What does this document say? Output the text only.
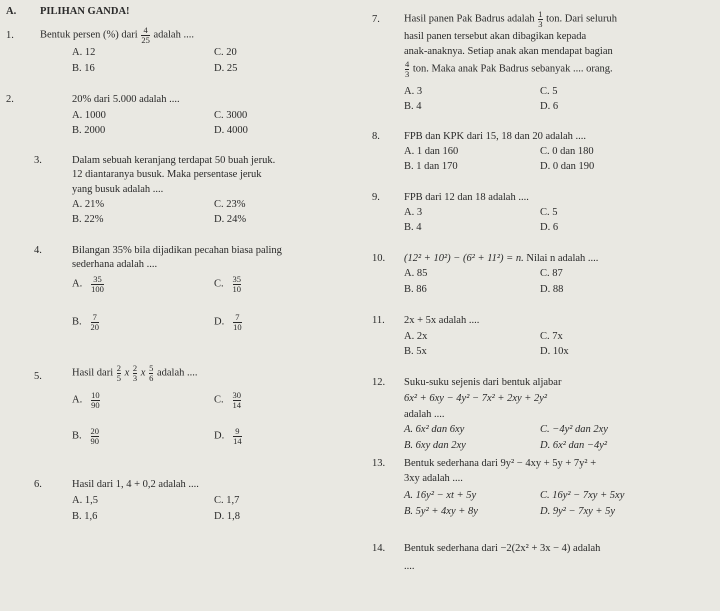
A. PILIHAN GANDA!
1. Bentuk persen (%) dari $\frac{4}{25}$ adalah ....
A. 12	C. 20
B. 16	D. 25
2.	20% dari 5.000 adalah ....
A. 1000	C. 3000
B. 2000	D. 4000
3.	Dalam sebuah keranjang terdapat 50 buah jeruk.
12 diantaranya busuk. Maka persentase jeruk
yang busuk adalah ....
A. 21%	C. 23%
B. 22%	D. 24%
4.	Bilangan 35% bila dijadikan pecahan biasa paling
sederhana adalah ....
A. $\frac{35}{100}$	C. $\frac{35}{10}$
B. $\frac{7}{20}$	D. $\frac{7}{10}$
5.	Hasil dari $\frac{2}{5}$ x $\frac{2}{3}$ x $\frac{5}{6}$ adalah ....
A. $\frac{10}{90}$	C. $\frac{30}{14}$
B. $\frac{20}{90}$	D. $\frac{9}{14}$
6.	Hasil dari 1, 4 + 0,2 adalah ....
A. 1,5	C. 1,7
B. 1,6	D. 1,8
7. Hasil panen Pak Badrus adalah $\frac{1}{3}$ ton. Dari seluruh
hasil panen tersebut akan dibagikan kepada
anak-anaknya. Setiap anak akan mendapat bagian
$\frac{4}{3}$ ton. Maka anak Pak Badrus sebanyak .... orang.
A. 3	C. 5
B. 4	D. 6
8. FPB dan KPK dari 15, 18 dan 20 adalah ....
A. 1 dan 160	C. 0 dan 180
B. 1 dan 170	D. 0 dan 190
9. FPB dari 12 dan 18 adalah ....
A. 3	C. 5
B. 4	D. 6
10. (12² + 10²) − (6² + 11²) = n. Nilai n adalah ....
A. 85	C. 87
B. 86	D. 88
11. 2x + 5x adalah ....
A. 2x	C. 7x
B. 5x	D. 10x
12. Suku-suku sejenis dari bentuk aljabar
6x² + 6xy − 4y² − 7x² + 2xy + 2y²
adalah ....
A. 6x² dan 6xy	C. −4y² dan 2xy
B. 6xy dan 2xy	D. 6x² dan −4y²
13. Bentuk sederhana dari 9y² − 4xy + 5y + 7y² +
3xy adalah ....
A. 16y² − xt + 5y	C. 16y² − 7xy + 5xy
B. 5y² + 4xy + 8y	D. 9y² − 7xy + 5y
14. Bentuk sederhana dari −2(2x² + 3x − 4) adalah
....
